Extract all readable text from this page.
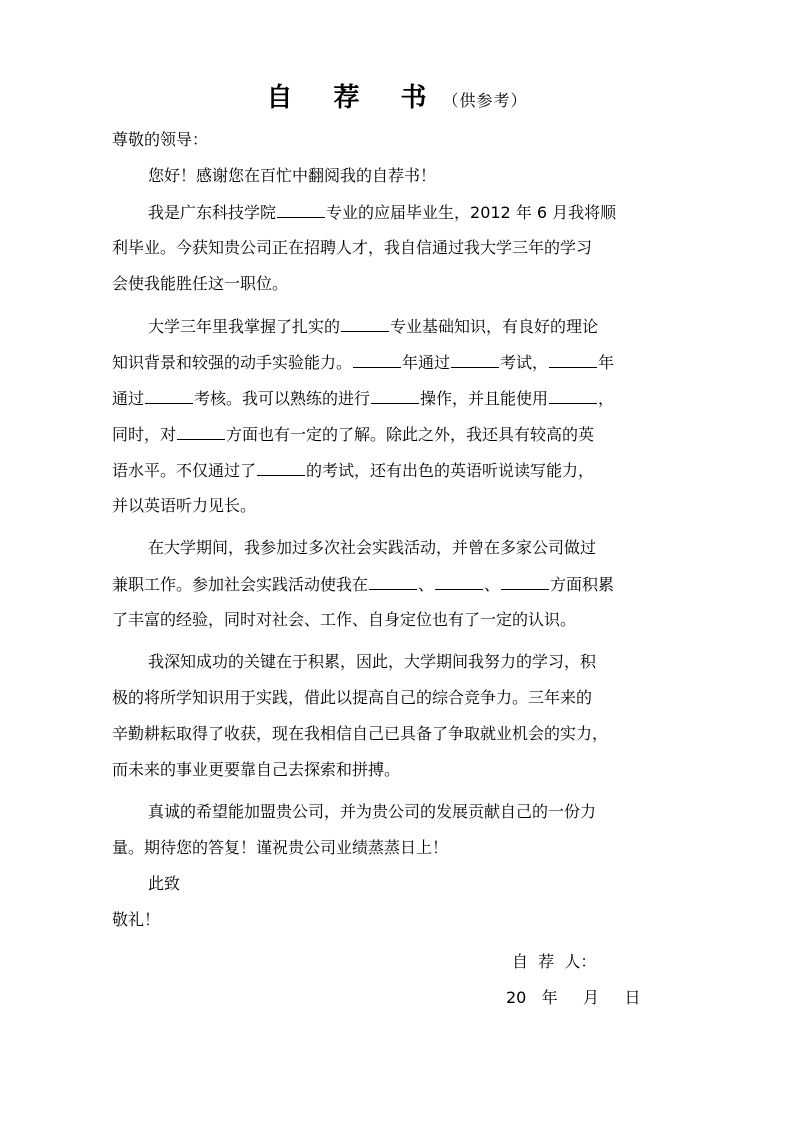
自 荐 书（供参考）
尊敬的领导：
您好！感谢您在百忙中翻阅我的自荐书！
我是广东科技学院	专业的应届毕业生，2012 年 6 月我将顺
利毕业。今获知贵公司正在招聘人才，我自信通过我大学三年的学习
会使我能胜任这一职位。
大学三年里我掌握了扎实的	专业基础知识，有良好的理论
知识背景和较强的动手实验能力。	年通过	考试，	年
通过	考核。我可以熟练的进行	操作，并且能使用	，
同时，对	方面也有一定的了解。除此之外，我还具有较高的英
语水平。不仅通过了	的考试，还有出色的英语听说读写能力，
并以英语听力见长。
在大学期间，我参加过多次社会实践活动，并曾在多家公司做过
兼职工作。参加社会实践活动使我在	、	、	方面积累
了丰富的经验，同时对社会、工作、自身定位也有了一定的认识。
我深知成功的关键在于积累，因此，大学期间我努力的学习，积
极的将所学知识用于实践，借此以提高自己的综合竞争力。三年来的
辛勤耕耘取得了收获，现在我相信自己已具备了争取就业机会的实力，
而未来的事业更要靠自己去探索和拼搏。
真诚的希望能加盟贵公司，并为贵公司的发展贡献自己的一份力
量。期待您的答复！谨祝贵公司业绩蒸蒸日上！
此致
敬礼！
自  荐  人：
20   年     月     日
